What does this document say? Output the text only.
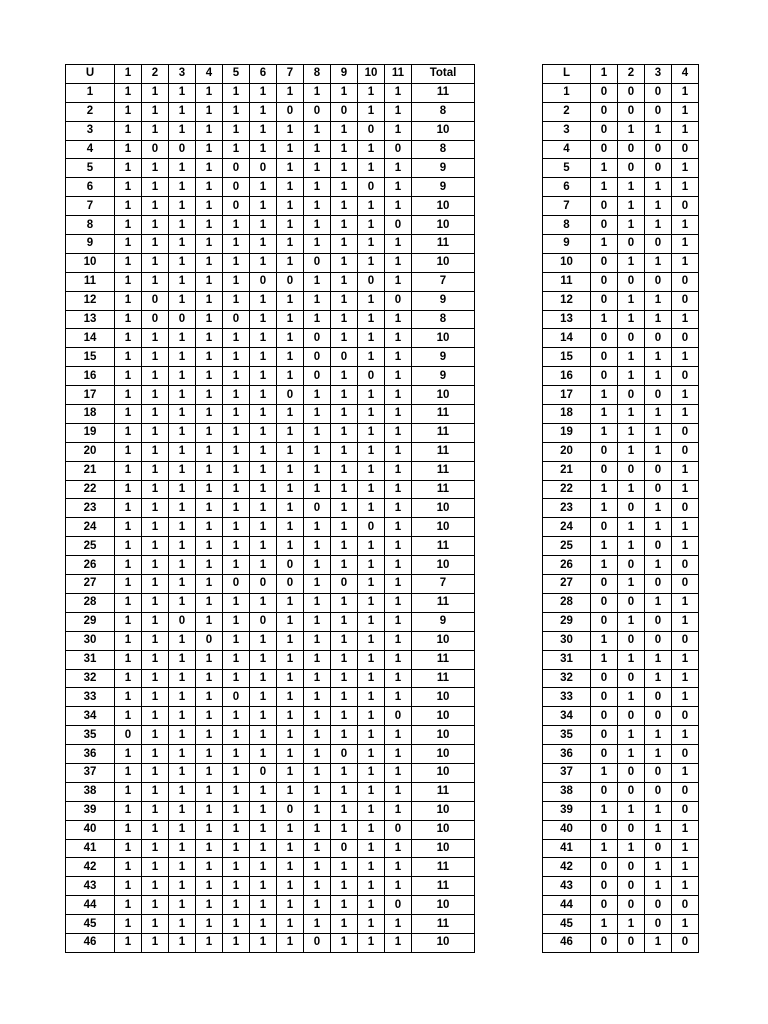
U	1	2	3	4	5	6	7	8	9	10	11	Total
1	1	1	1	1	1	1	1	1	1	1	1	11
2	1	1	1	1	1	1	0	0	0	1	1	8
3	1	1	1	1	1	1	1	1	1	0	1	10
4	1	0	0	1	1	1	1	1	1	1	0	8
5	1	1	1	1	0	0	1	1	1	1	1	9
6	1	1	1	1	0	1	1	1	1	0	1	9
7	1	1	1	1	0	1	1	1	1	1	1	10
8	1	1	1	1	1	1	1	1	1	1	0	10
9	1	1	1	1	1	1	1	1	1	1	1	11
10	1	1	1	1	1	1	1	0	1	1	1	10
11	1	1	1	1	1	0	0	1	1	0	1	7
12	1	0	1	1	1	1	1	1	1	1	0	9
13	1	0	0	1	0	1	1	1	1	1	1	8
14	1	1	1	1	1	1	1	0	1	1	1	10
15	1	1	1	1	1	1	1	0	0	1	1	9
16	1	1	1	1	1	1	1	0	1	0	1	9
17	1	1	1	1	1	1	0	1	1	1	1	10
18	1	1	1	1	1	1	1	1	1	1	1	11
19	1	1	1	1	1	1	1	1	1	1	1	11
20	1	1	1	1	1	1	1	1	1	1	1	11
21	1	1	1	1	1	1	1	1	1	1	1	11
22	1	1	1	1	1	1	1	1	1	1	1	11
23	1	1	1	1	1	1	1	0	1	1	1	10
24	1	1	1	1	1	1	1	1	1	0	1	10
25	1	1	1	1	1	1	1	1	1	1	1	11
26	1	1	1	1	1	1	0	1	1	1	1	10
27	1	1	1	1	0	0	0	1	0	1	1	7
28	1	1	1	1	1	1	1	1	1	1	1	11
29	1	1	0	1	1	0	1	1	1	1	1	9
30	1	1	1	0	1	1	1	1	1	1	1	10
31	1	1	1	1	1	1	1	1	1	1	1	11
32	1	1	1	1	1	1	1	1	1	1	1	11
33	1	1	1	1	0	1	1	1	1	1	1	10
34	1	1	1	1	1	1	1	1	1	1	0	10
35	0	1	1	1	1	1	1	1	1	1	1	10
36	1	1	1	1	1	1	1	1	0	1	1	10
37	1	1	1	1	1	0	1	1	1	1	1	10
38	1	1	1	1	1	1	1	1	1	1	1	11
39	1	1	1	1	1	1	0	1	1	1	1	10
40	1	1	1	1	1	1	1	1	1	1	0	10
41	1	1	1	1	1	1	1	1	0	1	1	10
42	1	1	1	1	1	1	1	1	1	1	1	11
43	1	1	1	1	1	1	1	1	1	1	1	11
44	1	1	1	1	1	1	1	1	1	1	0	10
45	1	1	1	1	1	1	1	1	1	1	1	11
46	1	1	1	1	1	1	1	0	1	1	1	10
L	1	2	3	4
1	0	0	0	1
2	0	0	0	1
3	0	1	1	1
4	0	0	0	0
5	1	0	0	1
6	1	1	1	1
7	0	1	1	0
8	0	1	1	1
9	1	0	0	1
10	0	1	1	1
11	0	0	0	0
12	0	1	1	0
13	1	1	1	1
14	0	0	0	0
15	0	1	1	1
16	0	1	1	0
17	1	0	0	1
18	1	1	1	1
19	1	1	1	0
20	0	1	1	0
21	0	0	0	1
22	1	1	0	1
23	1	0	1	0
24	0	1	1	1
25	1	1	0	1
26	1	0	1	0
27	0	1	0	0
28	0	0	1	1
29	0	1	0	1
30	1	0	0	0
31	1	1	1	1
32	0	0	1	1
33	0	1	0	1
34	0	0	0	0
35	0	1	1	1
36	0	1	1	0
37	1	0	0	1
38	0	0	0	0
39	1	1	1	0
40	0	0	1	1
41	1	1	0	1
42	0	0	1	1
43	0	0	1	1
44	0	0	0	0
45	1	1	0	1
46	0	0	1	0
